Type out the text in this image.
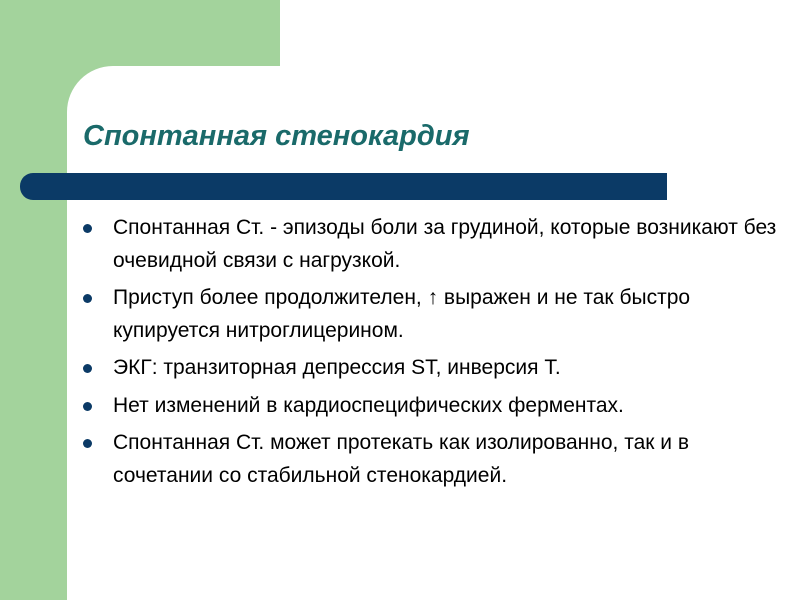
Спонтанная стенокардия
Спонтанная Ст. - эпизоды боли за грудиной, которые возникают без очевидной связи с нагрузкой.
Приступ более продолжителен, ↑ выражен и не так быстро купируется нитроглицерином.
ЭКГ: транзиторная депрессия ST, инверсия Т.
Нет изменений в кардиоспецифических ферментах.
Спонтанная Ст. может протекать как изолированно, так и в сочетании со стабильной стенокардией.
